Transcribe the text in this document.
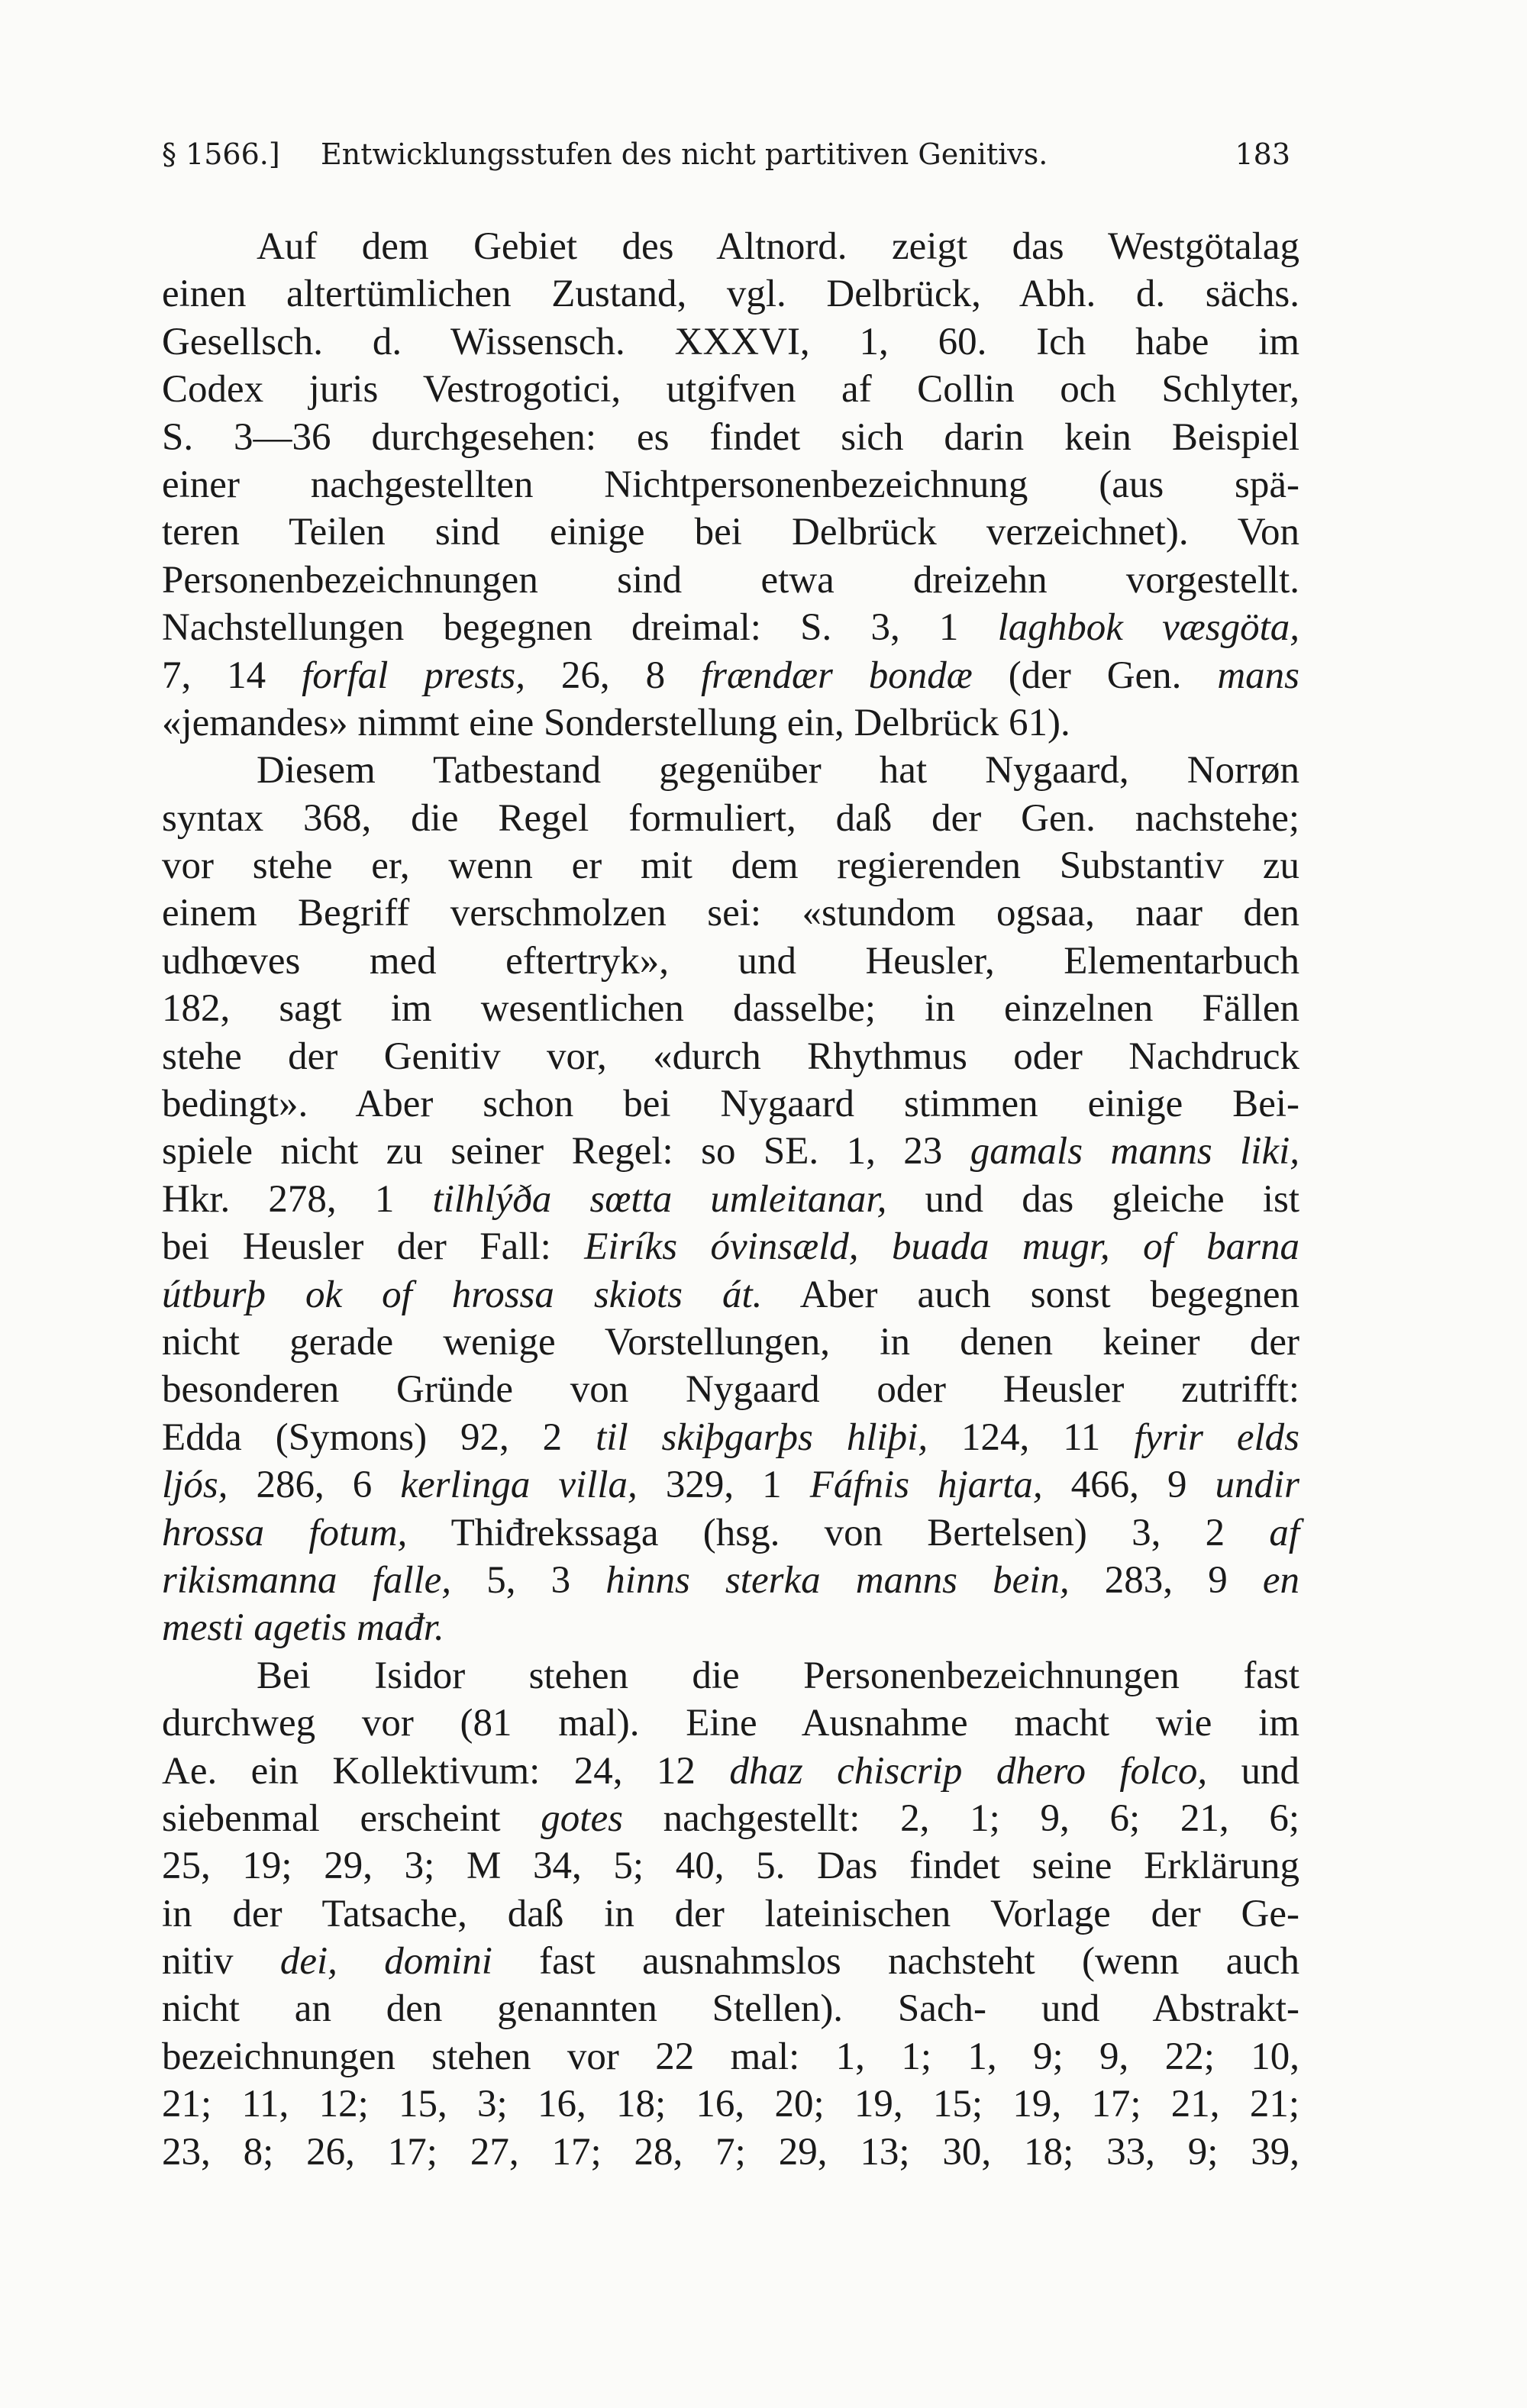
§ 1566.] Entwicklungsstufen des nicht partitiven Genitivs.	183
Auf dem Gebiet des Altnord. zeigt das Westgötalag
einen altertümlichen Zustand, vgl. Delbrück, Abh. d. sächs.
Gesellsch. d. Wissensch. XXXVI, 1, 60. Ich habe im
Codex juris Vestrogotici, utgifven af Collin och Schlyter,
S. 3—36 durchgesehen: es findet sich darin kein Beispiel
einer nachgestellten Nichtpersonenbezeichnung (aus spä-
teren Teilen sind einige bei Delbrück verzeichnet). Von
Personenbezeichnungen sind etwa dreizehn vorgestellt.
Nachstellungen begegnen dreimal: S. 3, 1 laghbok væsgöta,
7, 14 forfal prests, 26, 8 frændær bondæ (der Gen. mans
«jemandes» nimmt eine Sonderstellung ein, Delbrück 61).
Diesem Tatbestand gegenüber hat Nygaard, Norrøn
syntax 368, die Regel formuliert, daß der Gen. nachstehe;
vor stehe er, wenn er mit dem regierenden Substantiv zu
einem Begriff verschmolzen sei: «stundom ogsaa, naar den
udhœves med eftertryk», und Heusler, Elementarbuch
182, sagt im wesentlichen dasselbe; in einzelnen Fällen
stehe der Genitiv vor, «durch Rhythmus oder Nachdruck
bedingt». Aber schon bei Nygaard stimmen einige Bei-
spiele nicht zu seiner Regel: so SE. 1, 23 gamals manns liki,
Hkr. 278, 1 tilhlýða sœtta umleitanar, und das gleiche ist
bei Heusler der Fall: Eiríks óvinsæld, buada mugr, of barna
útburþ ok of hrossa skiots át. Aber auch sonst begegnen
nicht gerade wenige Vorstellungen, in denen keiner der
besonderen Gründe von Nygaard oder Heusler zutrifft:
Edda (Symons) 92, 2 til skiþgarþs hliþi, 124, 11 fyrir elds
ljós, 286, 6 kerlinga villa, 329, 1 Fáfnis hjarta, 466, 9 undir
hrossa fotum, Thiđrekssaga (hsg. von Bertelsen) 3, 2 af
rikismanna falle, 5, 3 hinns sterka manns bein, 283, 9 en
mesti agetis mađr.
Bei Isidor stehen die Personenbezeichnungen fast
durchweg vor (81 mal). Eine Ausnahme macht wie im
Ae. ein Kollektivum: 24, 12 dhaz chiscrip dhero folco, und
siebenmal erscheint gotes nachgestellt: 2, 1; 9, 6; 21, 6;
25, 19; 29, 3; M 34, 5; 40, 5. Das findet seine Erklärung
in der Tatsache, daß in der lateinischen Vorlage der Ge-
nitiv dei, domini fast ausnahmslos nachsteht (wenn auch
nicht an den genannten Stellen). Sach- und Abstrakt-
bezeichnungen stehen vor 22 mal: 1, 1; 1, 9; 9, 22; 10,
21; 11, 12; 15, 3; 16, 18; 16, 20; 19, 15; 19, 17; 21, 21;
23, 8; 26, 17; 27, 17; 28, 7; 29, 13; 30, 18; 33, 9; 39,
